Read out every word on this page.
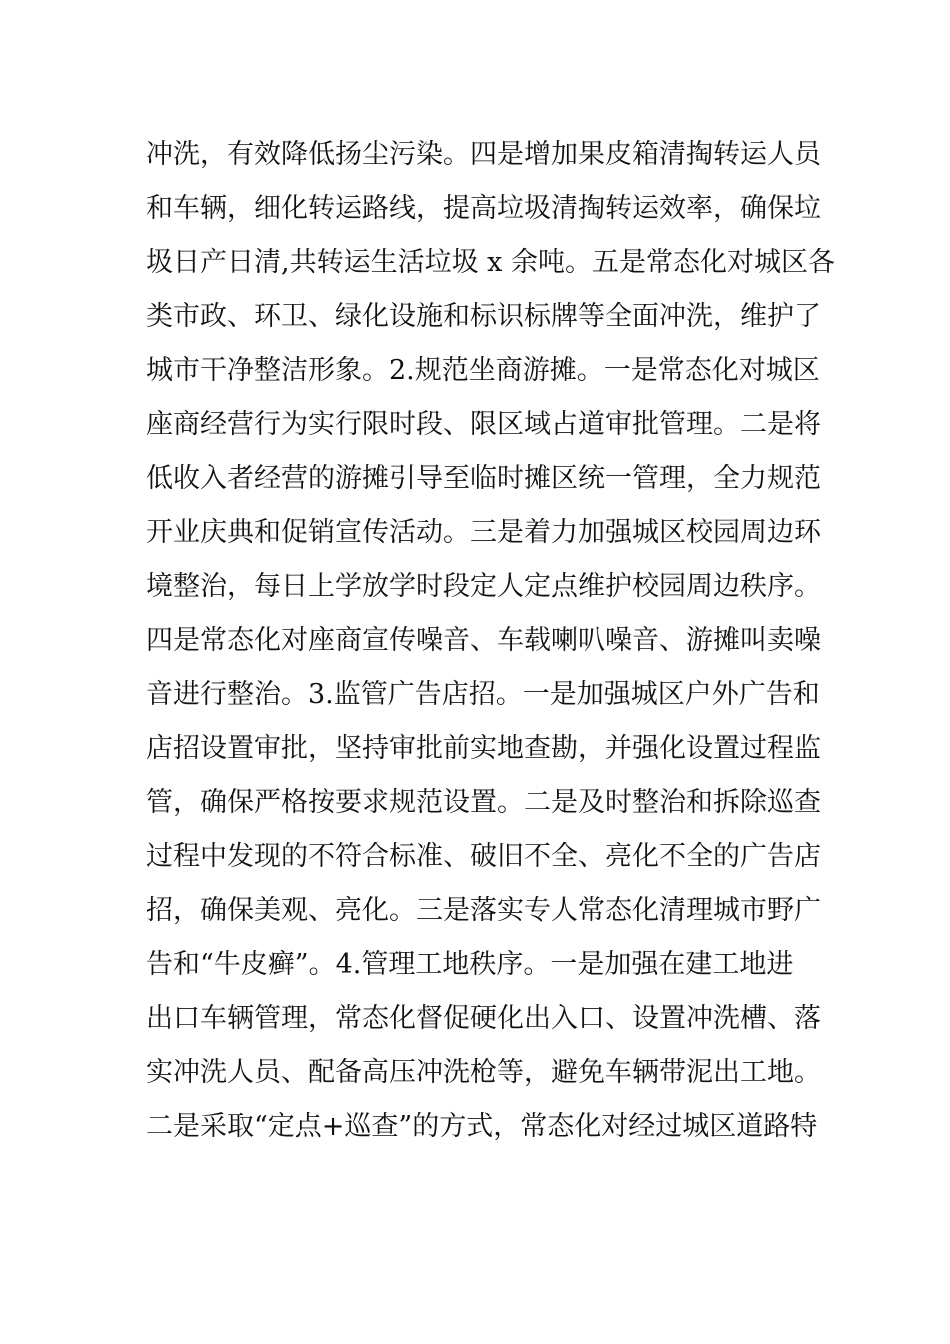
冲洗，有效降低扬尘污染。四是增加果皮箱清掏转运人员
和车辆，细化转运路线，提高垃圾清掏转运效率，确保垃
圾日产日清,共转运生活垃圾 x 余吨。五是常态化对城区各
类市政、环卫、绿化设施和标识标牌等全面冲洗，维护了
城市干净整洁形象。2.规范坐商游摊。一是常态化对城区
座商经营行为实行限时段、限区域占道审批管理。二是将
低收入者经营的游摊引导至临时摊区统一管理，全力规范
开业庆典和促销宣传活动。三是着力加强城区校园周边环
境整治，每日上学放学时段定人定点维护校园周边秩序。
四是常态化对座商宣传噪音、车载喇叭噪音、游摊叫卖噪
音进行整治。3.监管广告店招。一是加强城区户外广告和
店招设置审批，坚持审批前实地查勘，并强化设置过程监
管，确保严格按要求规范设置。二是及时整治和拆除巡查
过程中发现的不符合标准、破旧不全、亮化不全的广告店
招，确保美观、亮化。三是落实专人常态化清理城市野广
告和“牛皮癣”。4.管理工地秩序。一是加强在建工地进
出口车辆管理，常态化督促硬化出入口、设置冲洗槽、落
实冲洗人员、配备高压冲洗枪等，避免车辆带泥出工地。
二是采取“定点+巡查”的方式，常态化对经过城区道路特
